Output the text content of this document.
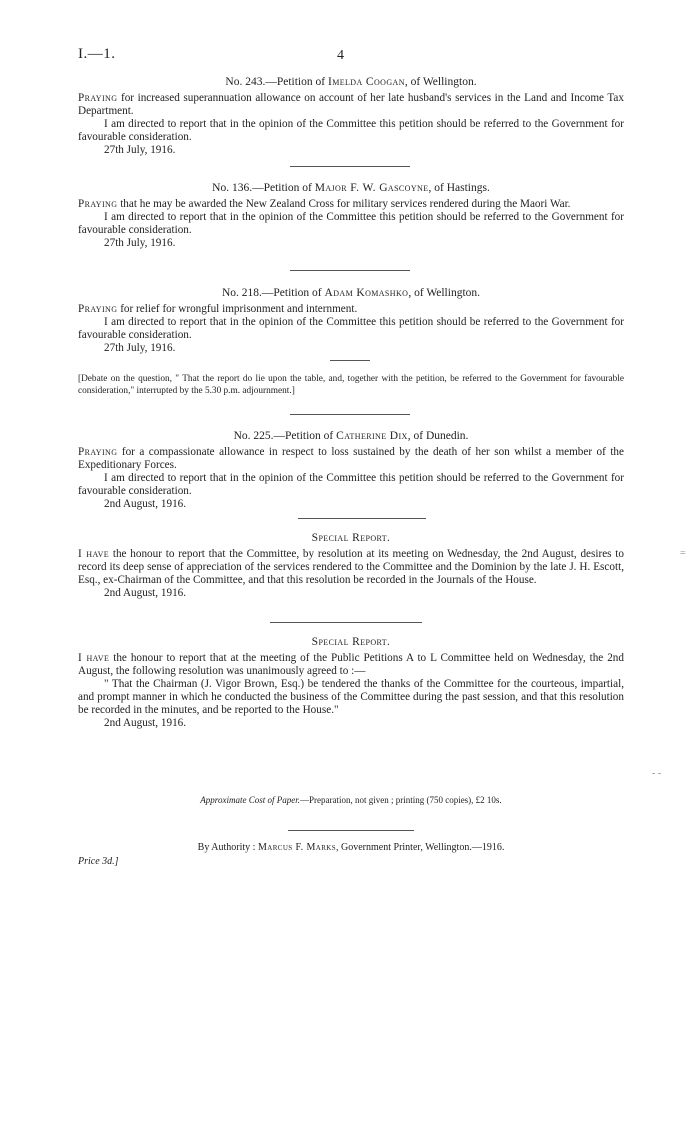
I.—1.	4
No. 243.—Petition of Imelda Coogan, of Wellington.

Praying for increased superannuation allowance on account of her late husband's services in the Land and Income Tax Department.

I am directed to report that in the opinion of the Committee this petition should be referred to the Government for favourable consideration.

27th July, 1916.

No. 136.—Petition of Major F. W. Gascoyne, of Hastings.

Praying that he may be awarded the New Zealand Cross for military services rendered during the Maori War.

I am directed to report that in the opinion of the Committee this petition should be referred to the Government for favourable consideration.

27th July, 1916.

No. 218.—Petition of Adam Komashko, of Wellington.

Praying for relief for wrongful imprisonment and internment.

I am directed to report that in the opinion of the Committee this petition should be referred to the Government for favourable consideration.

27th July, 1916.

[Debate on the question, " That the report do lie upon the table, and, together with the petition, be referred to the Government for favourable consideration," interrupted by the 5.30 p.m. adjournment.]
No. 225.—Petition of Catherine Dix, of Dunedin.

Praying for a compassionate allowance in respect to loss sustained by the death of her son whilst a member of the Expeditionary Forces.

I am directed to report that in the opinion of the Committee this petition should be referred to the Government for favourable consideration.

2nd August, 1916.

Special Report.

I have the honour to report that the Committee, by resolution at its meeting on Wednesday, the 2nd August, desires to record its deep sense of appreciation of the services rendered to the Committee and the Dominion by the late J. H. Escott, Esq., ex-Chairman of the Committee, and that this resolution be recorded in the Journals of the House.

2nd August, 1916.

Special Report.

I have the honour to report that at the meeting of the Public Petitions A to L Committee held on Wednesday, the 2nd August, the following resolution was unanimously agreed to :—

" That the Chairman (J. Vigor Brown, Esq.) be tendered the thanks of the Committee for the courteous, impartial, and prompt manner in which he conducted the business of the Committee during the past session, and that this resolution be recorded in the minutes, and be reported to the House."

2nd August, 1916.

Approximate Cost of Paper.—Preparation, not given ; printing (750 copies), £2 10s.
By Authority : Marcus F. Marks, Government Printer, Wellington.—1916.
Price 3d.]
=
- -
